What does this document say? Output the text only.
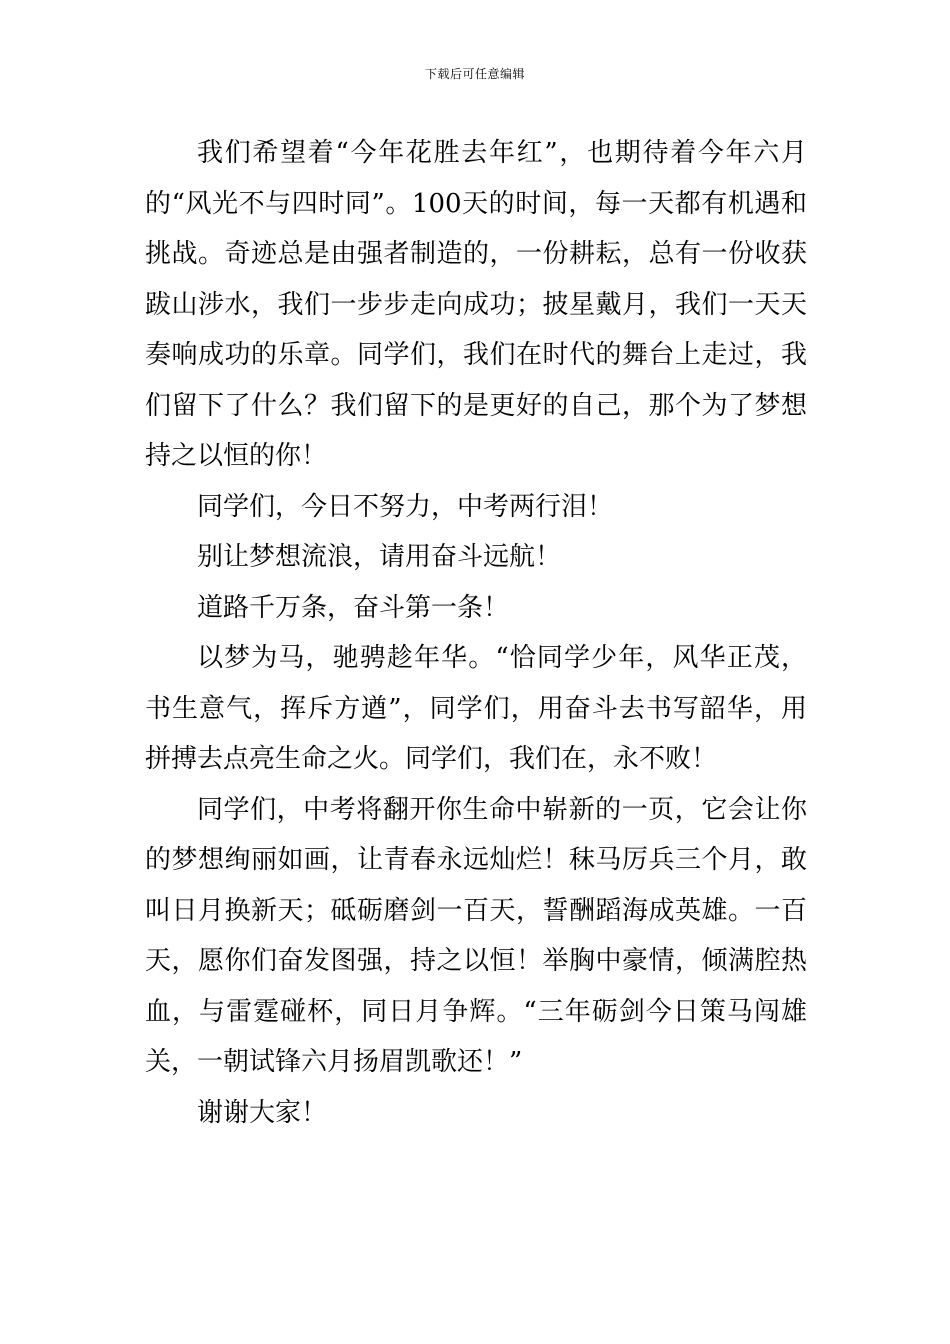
下载后可任意编辑

我们希望着“今年花胜去年红”，也期待着今年六月的“风光不与四时同”。100天的时间，每一天都有机遇和挑战。奇迹总是由强者制造的，一份耕耘，总有一份收获跋山涉水，我们一步步走向成功；披星戴月，我们一天天奏响成功的乐章。同学们，我们在时代的舞台上走过，我们留下了什么？我们留下的是更好的自己，那个为了梦想持之以恒的你！

同学们，今日不努力，中考两行泪！

别让梦想流浪，请用奋斗远航！

道路千万条，奋斗第一条！

以梦为马，驰骋趁年华。“恰同学少年，风华正茂，书生意气，挥斥方遒”，同学们，用奋斗去书写韶华，用拼搏去点亮生命之火。同学们，我们在，永不败！

同学们，中考将翻开你生命中崭新的一页，它会让你的梦想绚丽如画，让青春永远灿烂！秣马厉兵三个月，敢叫日月换新天；砥砺磨剑一百天，誓酬蹈海成英雄。一百天，愿你们奋发图强，持之以恒！举胸中豪情，倾满腔热血，与雷霆碰杯，同日月争辉。“三年砺剑今日策马闯雄关，一朝试锋六月扬眉凯歌还！”

谢谢大家！
